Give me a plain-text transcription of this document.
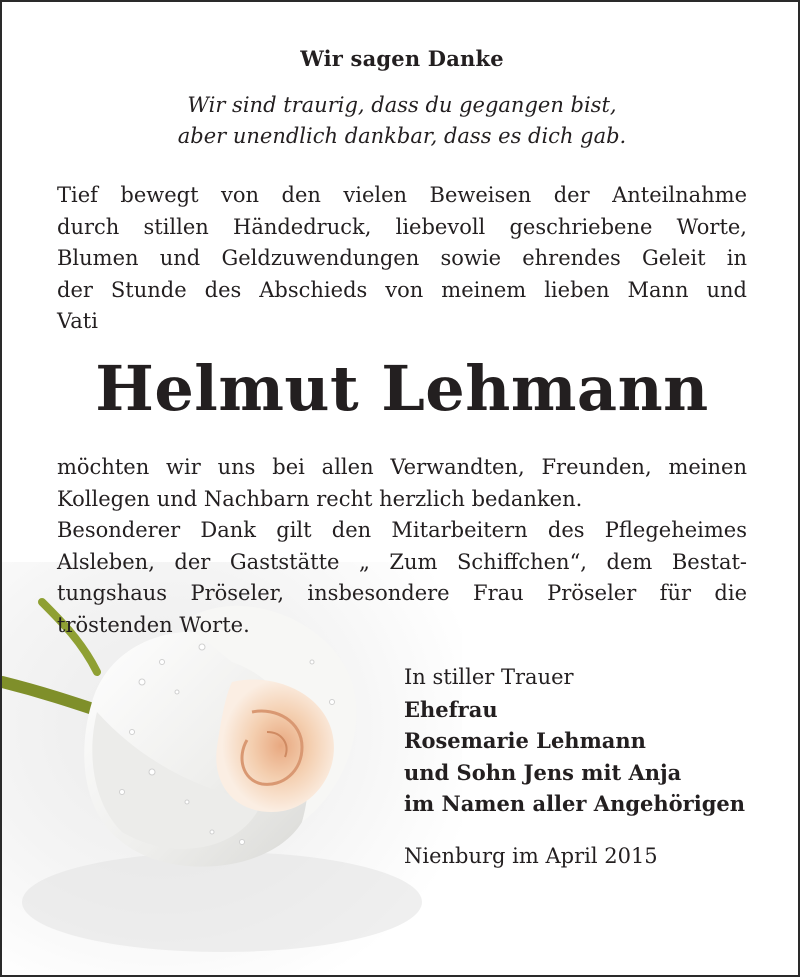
Wir sagen Danke
Wir sind traurig, dass du gegangen bist,
aber unendlich dankbar, dass es dich gab.
Tief bewegt von den vielen Beweisen der Anteilnahme
durch stillen Händedruck, liebevoll geschriebene Worte,
Blumen und Geldzuwendungen sowie ehrendes Geleit in
der Stunde des Abschieds von meinem lieben Mann und
Vati
Helmut Lehmann
möchten wir uns bei allen Verwandten, Freunden, meinen
Kollegen und Nachbarn recht herzlich bedanken.
Besonderer Dank gilt den Mitarbeitern des Pflegeheimes
Alsleben, der Gaststätte „ Zum Schiffchen“, dem Bestat-
tungshaus Pröseler, insbesondere Frau Pröseler für die
tröstenden Worte.
In stiller Trauer
Ehefrau
Rosemarie Lehmann
und Sohn Jens mit Anja
im Namen aller Angehörigen
Nienburg im April 2015
